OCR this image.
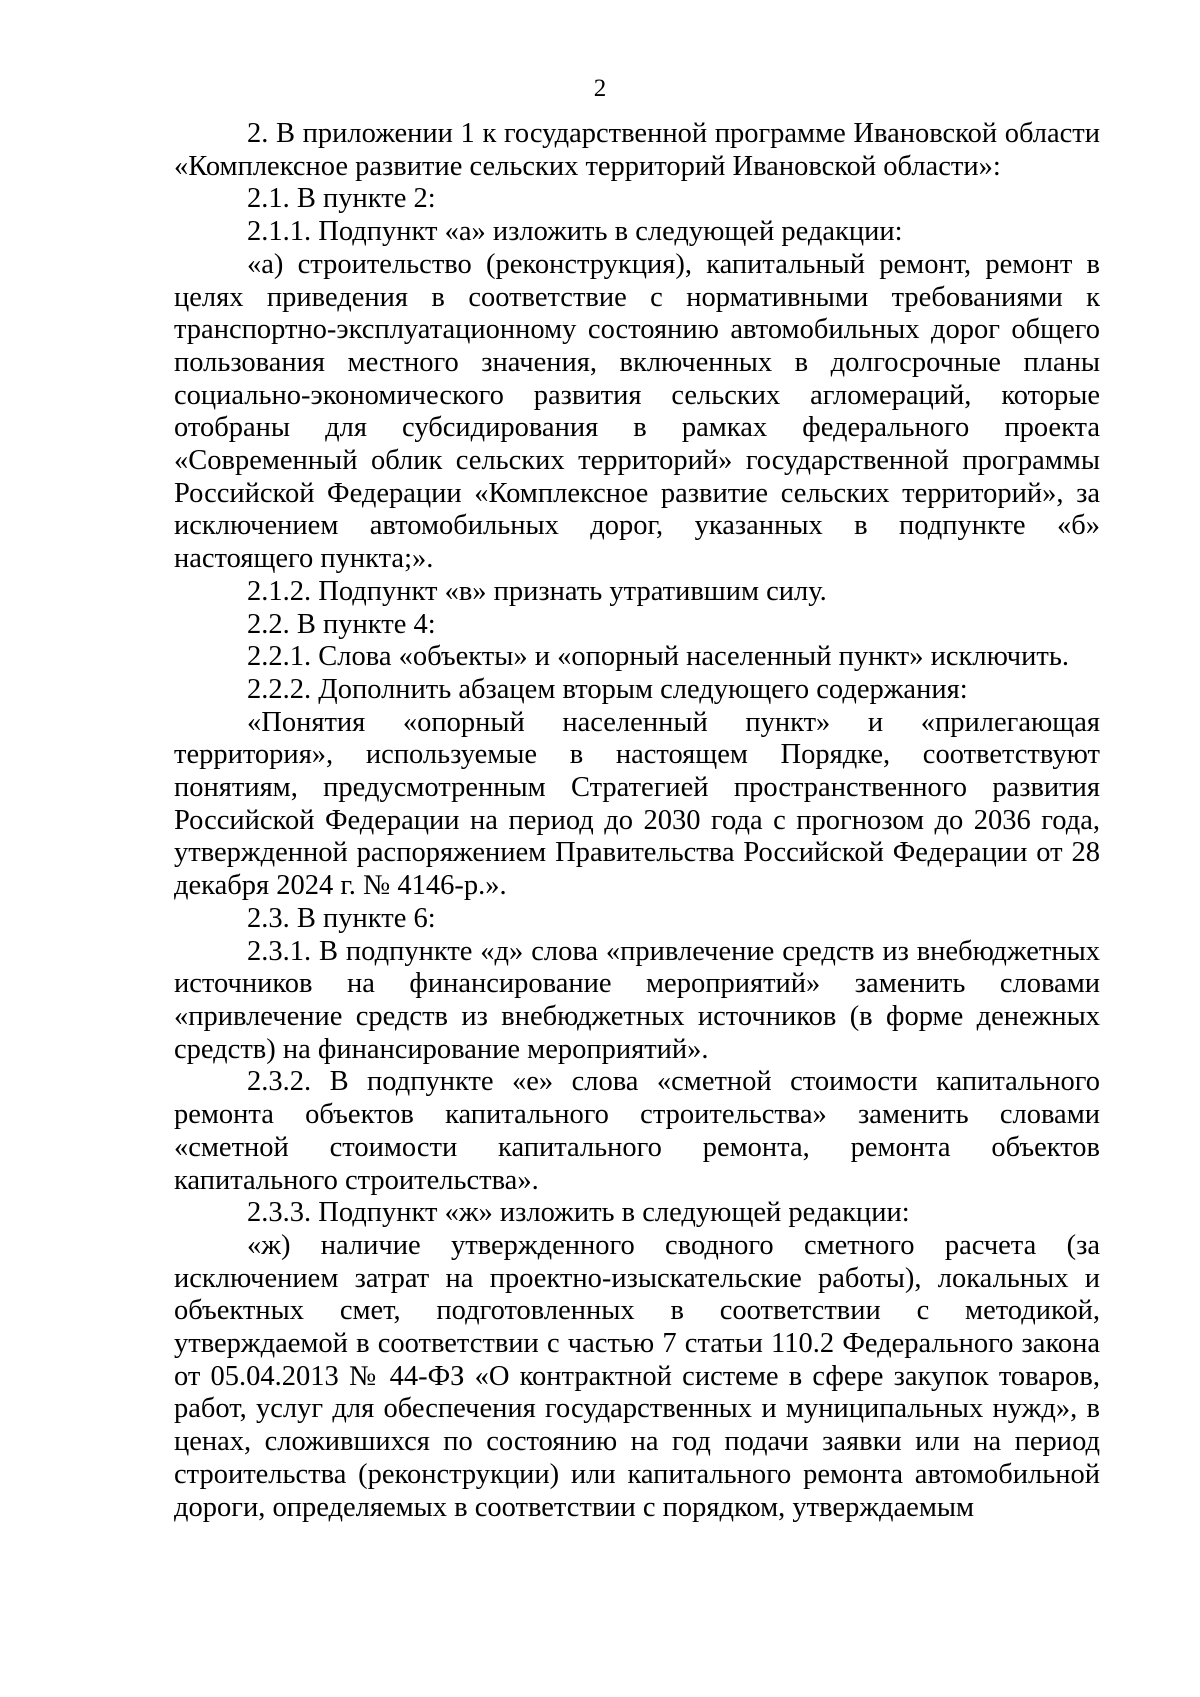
2

2. В приложении 1 к государственной программе Ивановской области «Комплексное развитие сельских территорий Ивановской области»:

2.1. В пункте 2:

2.1.1. Подпункт «а» изложить в следующей редакции:

«а) строительство (реконструкция), капитальный ремонт, ремонт в целях приведения в соответствие с нормативными требованиями к транспортно-эксплуатационному состоянию автомобильных дорог общего пользования местного значения, включенных в долгосрочные планы социально-экономического развития сельских агломераций, которые отобраны для субсидирования в рамках федерального проекта «Современный облик сельских территорий» государственной программы Российской Федерации «Комплексное развитие сельских территорий», за исключением автомобильных дорог, указанных в подпункте «б» настоящего пункта;».

2.1.2. Подпункт «в» признать утратившим силу.

2.2. В пункте 4:

2.2.1. Слова «объекты» и «опорный населенный пункт» исключить.

2.2.2. Дополнить абзацем вторым следующего содержания:

«Понятия «опорный населенный пункт» и «прилегающая территория», используемые в настоящем Порядке, соответствуют понятиям, предусмотренным Стратегией пространственного развития Российской Федерации на период до 2030 года с прогнозом до 2036 года, утвержденной распоряжением Правительства Российской Федерации от 28 декабря 2024 г. № 4146-р.».

2.3. В пункте 6:

2.3.1. В подпункте «д» слова «привлечение средств из внебюджетных источников на финансирование мероприятий» заменить словами «привлечение средств из внебюджетных источников (в форме денежных средств) на финансирование мероприятий».

2.3.2. В подпункте «е» слова «сметной стоимости капитального ремонта объектов капитального строительства» заменить словами «сметной стоимости капитального ремонта, ремонта объектов капитального строительства».

2.3.3. Подпункт «ж» изложить в следующей редакции:

«ж) наличие утвержденного сводного сметного расчета (за исключением затрат на проектно-изыскательские работы), локальных и объектных смет, подготовленных в соответствии с методикой, утверждаемой в соответствии с частью 7 статьи 110.2 Федерального закона от 05.04.2013 № 44-ФЗ «О контрактной системе в сфере закупок товаров, работ, услуг для обеспечения государственных и муниципальных нужд», в ценах, сложившихся по состоянию на год подачи заявки или на период строительства (реконструкции) или капитального ремонта автомобильной дороги, определяемых в соответствии с порядком, утверждаемым
